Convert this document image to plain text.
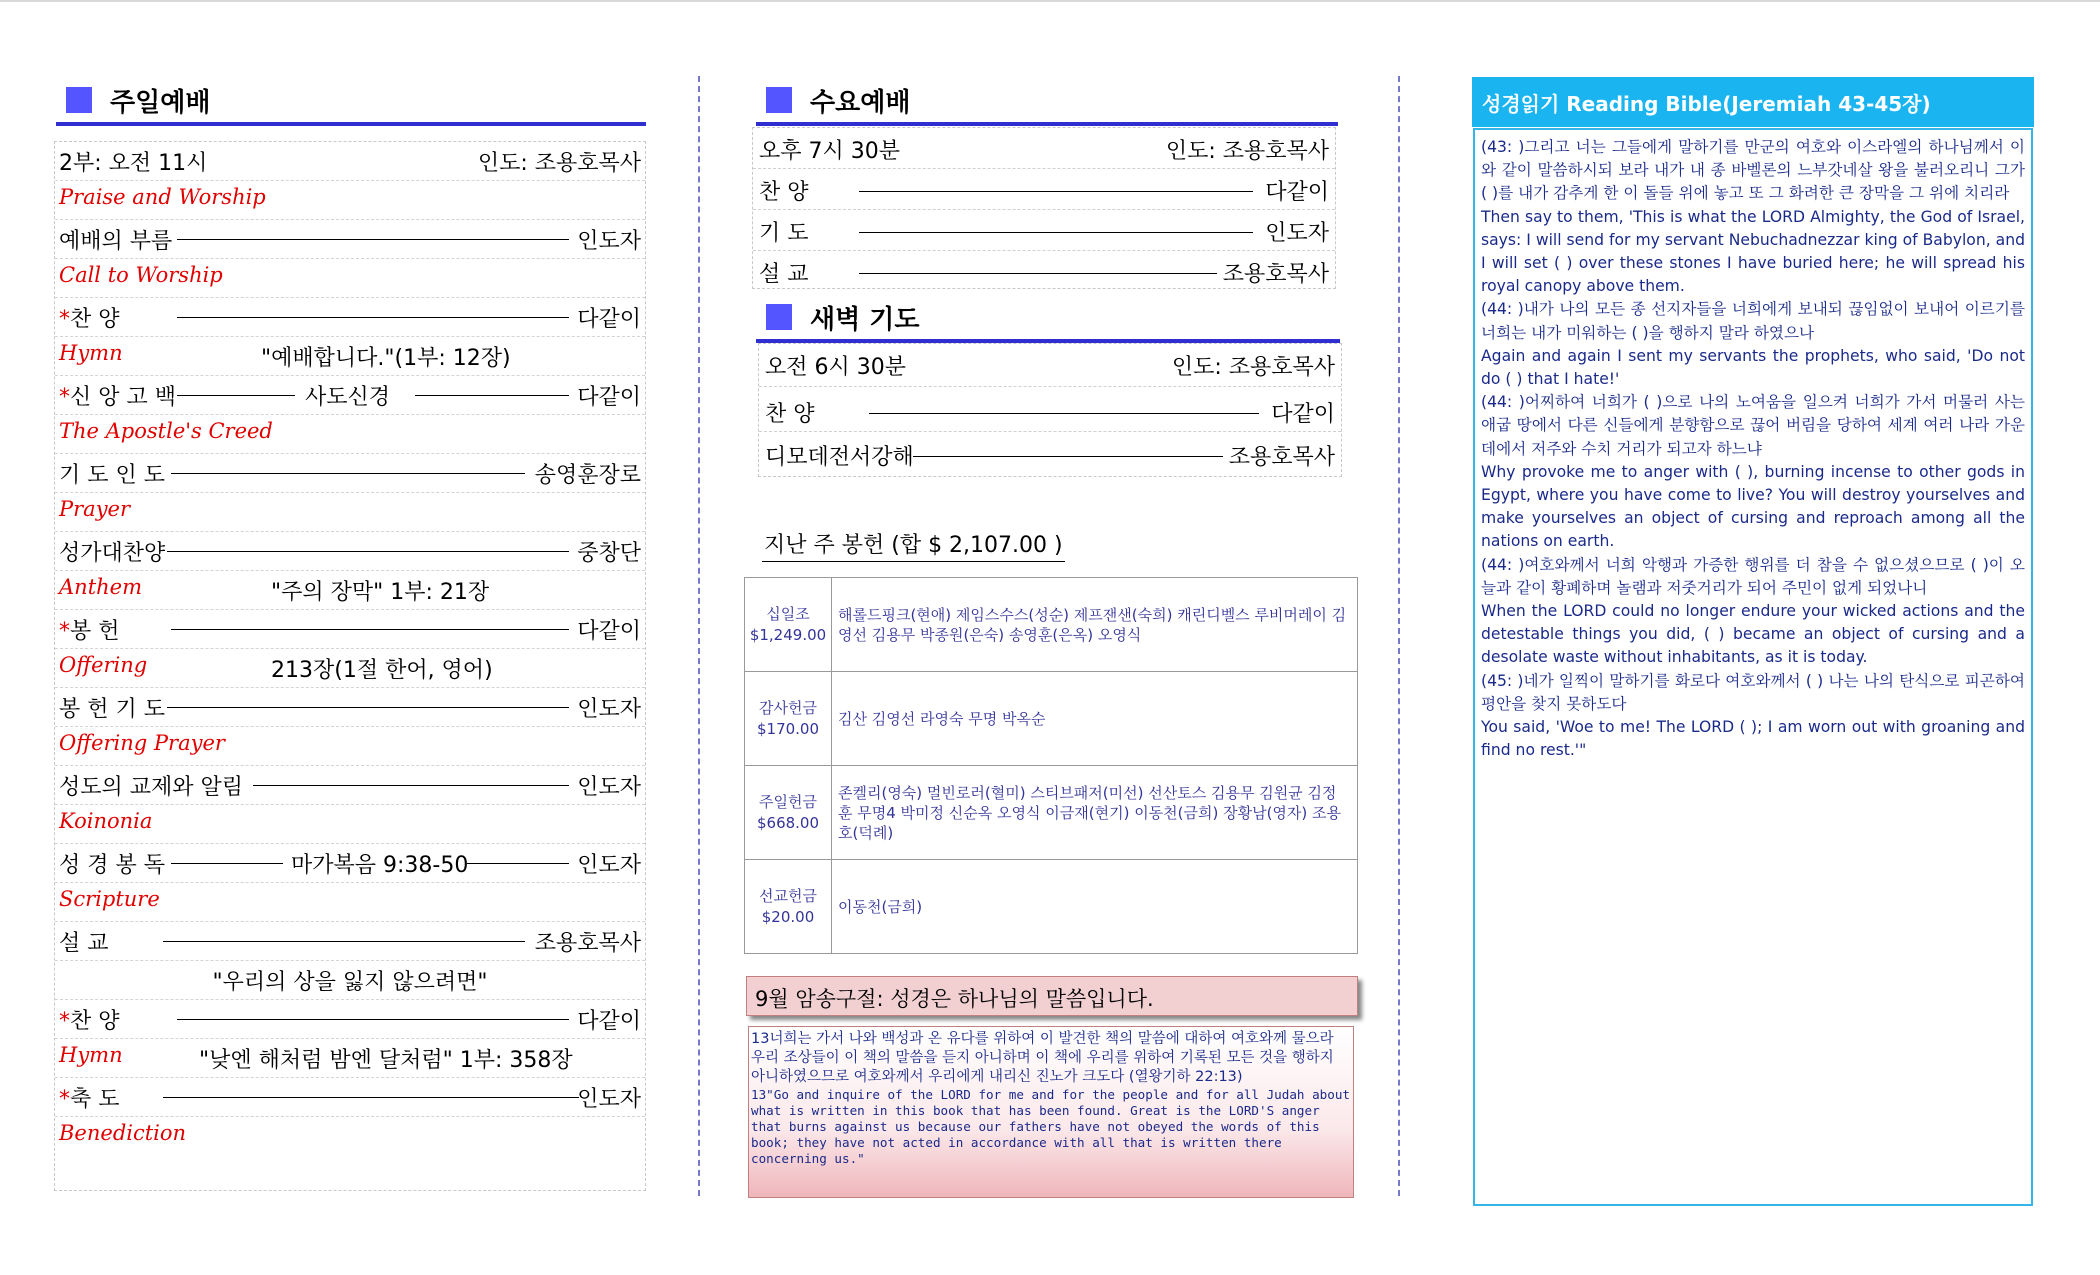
주일예배
2부: 오전 11시	인도: 조용호목사
Praise and Worship
예배의 부름	인도자
Call to Worship
*찬 양	다같이
Hymn	"예배합니다."(1부: 12장)
*신 앙 고 백	사도신경	다같이
The Apostle's Creed
기 도 인 도	송영훈장로
Prayer
성가대찬양	중창단
Anthem	"주의 장막" 1부: 21장
*봉 헌	다같이
Offering	213장(1절 한어, 영어)
봉 헌 기 도	인도자
Offering Prayer
성도의 교제와 알림	인도자
Koinonia
성 경 봉 독	마가복음 9:38-50	인도자
Scripture
설 교	조용호목사
"우리의 상을 잃지 않으려면"
*찬 양	다같이
Hymn	"낮엔 해처럼 밤엔 달처럼" 1부: 358장
*축 도	인도자
Benediction
수요예배
오후 7시 30분	인도: 조용호목사
찬 양	다같이
기 도	인도자
설 교	조용호목사
새벽 기도
오전 6시 30분	인도: 조용호목사
찬 양	다같이
디모데전서강해	조용호목사
지난 주 봉헌 (합 $ 2,107.00 )
십일조
$1,249.00	해롤드핑크(현애) 제임스수스(성순) 제프잰샌(숙희) 캐린디벨스 루비머레이 김영선 김용무 박종원(은숙) 송영훈(은옥) 오영식

감사헌금
$170.00	김산 김영선 라영숙 무명 박옥순

주일헌금
$668.00	존켈리(영숙) 멀빈로러(혈미) 스티브패저(미선) 선산토스 김용무 김원균 김정훈 무명4 박미정 신순옥 오영식 이금재(현기) 이동천(금희) 장황남(영자) 조용호(덕례)

선교헌금
$20.00	이동천(금희)
9월 암송구절: 성경은 하나님의 말씀입니다.
13너희는 가서 나와 백성과 온 유다를 위하여 이 발견한 책의 말씀에 대하여 여호와께 물으라 우리 조상들이 이 책의 말씀을 듣지 아니하며 이 책에 우리를 위하여 기록된 모든 것을 행하지 아니하였으므로 여호와께서 우리에게 내리신 진노가 크도다 (열왕기하 22:13)
13"Go and inquire of the LORD for me and for the people and for all Judah about what is written in this book that has been found. Great is the LORD'S anger that burns against us because our fathers have not obeyed the words of this book; they have not acted in accordance with all that is written there concerning us."
성경읽기 Reading Bible(Jeremiah 43-45장)

(43: )그리고 너는 그들에게 말하기를 만군의 여호와 이스라엘의 하나님께서 이와 같이 말씀하시되 보라 내가 내 종 바벨론의 느부갓네살 왕을 불러오리니 그가 ( )를 내가 감추게 한 이 돌들 위에 놓고 또 그 화려한 큰 장막을 그 위에 치리라

Then say to them, 'This is what the LORD Almighty, the God of Israel, says: I will send for my servant Nebuchadnezzar king of Babylon, and I will set ( ) over these stones I have buried here; he will spread his royal canopy above them.

(44: )내가 나의 모든 종 선지자들을 너희에게 보내되 끊임없이 보내어 이르기를 너희는 내가 미워하는 ( )을 행하지 말라 하였으나

Again and again I sent my servants the prophets, who said, 'Do not do ( ) that I hate!'

(44: )어찌하여 너희가 ( )으로 나의 노여움을 일으켜 너희가 가서 머물러 사는 애굽 땅에서 다른 신들에게 분향함으로 끊어 버림을 당하여 세계 여러 나라 가운데에서 저주와 수치 거리가 되고자 하느냐

Why provoke me to anger with ( ), burning incense to other gods in Egypt, where you have come to live? You will destroy yourselves and make yourselves an object of cursing and reproach among all the nations on earth.

(44: )여호와께서 너희 악행과 가증한 행위를 더 참을 수 없으셨으므로 ( )이 오늘과 같이 황폐하며 놀램과 저줏거리가 되어 주민이 없게 되었나니

When the LORD could no longer endure your wicked actions and the detestable things you did, ( ) became an object of cursing and a desolate waste without inhabitants, as it is today.

(45: )네가 일찍이 말하기를 화로다 여호와께서 ( ) 나는 나의 탄식으로 피곤하여 평안을 찾지 못하도다

You said, 'Woe to me! The LORD ( ); I am worn out with groaning and find no rest.'"
